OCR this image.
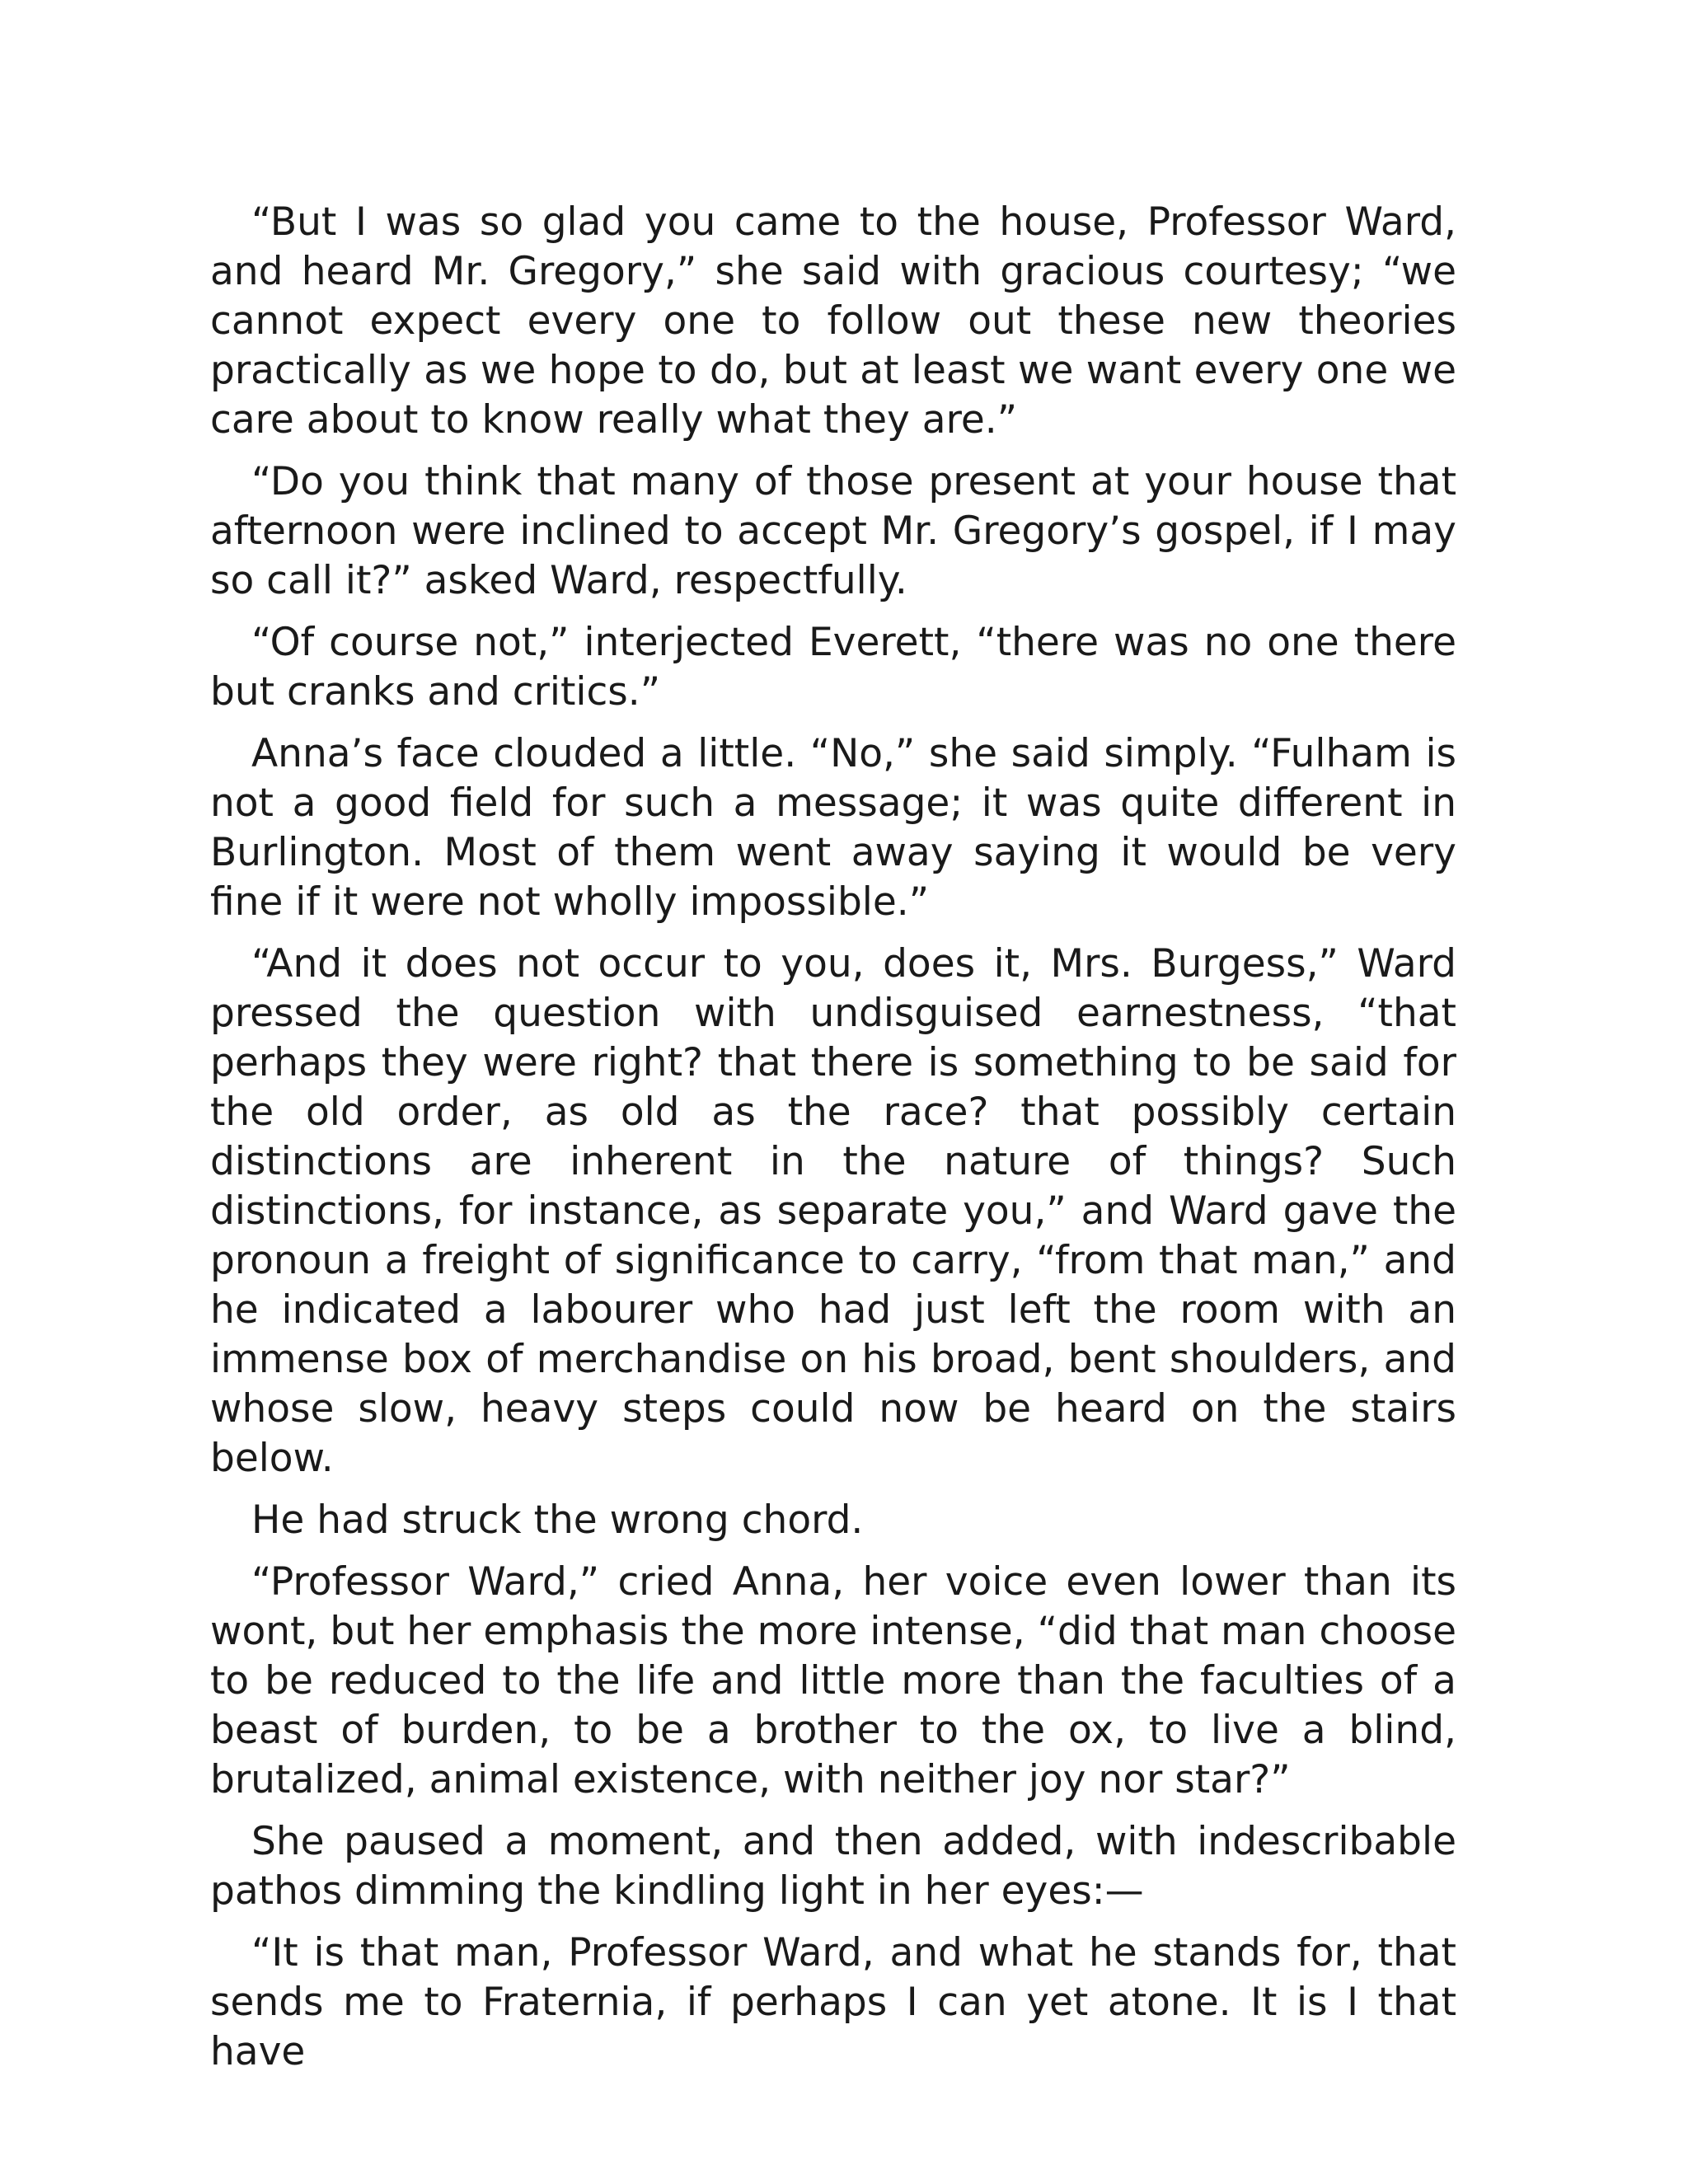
“But I was so glad you came to the house, Professor Ward, and heard Mr. Gregory,” she said with gracious courtesy; “we cannot expect every one to follow out these new theories practically as we hope to do, but at least we want every one we care about to know really what they are.”

“Do you think that many of those present at your house that afternoon were inclined to accept Mr. Gregory’s gospel, if I may so call it?” asked Ward, respectfully.

“Of course not,” interjected Everett, “there was no one there but cranks and critics.”

Anna’s face clouded a little. “No,” she said simply. “Fulham is not a good field for such a message; it was quite different in Burlington. Most of them went away saying it would be very fine if it were not wholly impossible.”

“And it does not occur to you, does it, Mrs. Burgess,” Ward pressed the question with undisguised earnestness, “that perhaps they were right? that there is something to be said for the old order, as old as the race? that possibly certain distinctions are inherent in the nature of things? Such distinctions, for instance, as separate you,” and Ward gave the pronoun a freight of significance to carry, “from that man,” and he indicated a labourer who had just left the room with an immense box of merchandise on his broad, bent shoulders, and whose slow, heavy steps could now be heard on the stairs below.

He had struck the wrong chord.

“Professor Ward,” cried Anna, her voice even lower than its wont, but her emphasis the more intense, “did that man choose to be reduced to the life and little more than the faculties of a beast of burden, to be a brother to the ox, to live a blind, brutalized, animal existence, with neither joy nor star?”

She paused a moment, and then added, with indescribable pathos dimming the kindling light in her eyes:—

“It is that man, Professor Ward, and what he stands for, that sends me to Fraternia, if perhaps I can yet atone. It is I that have
